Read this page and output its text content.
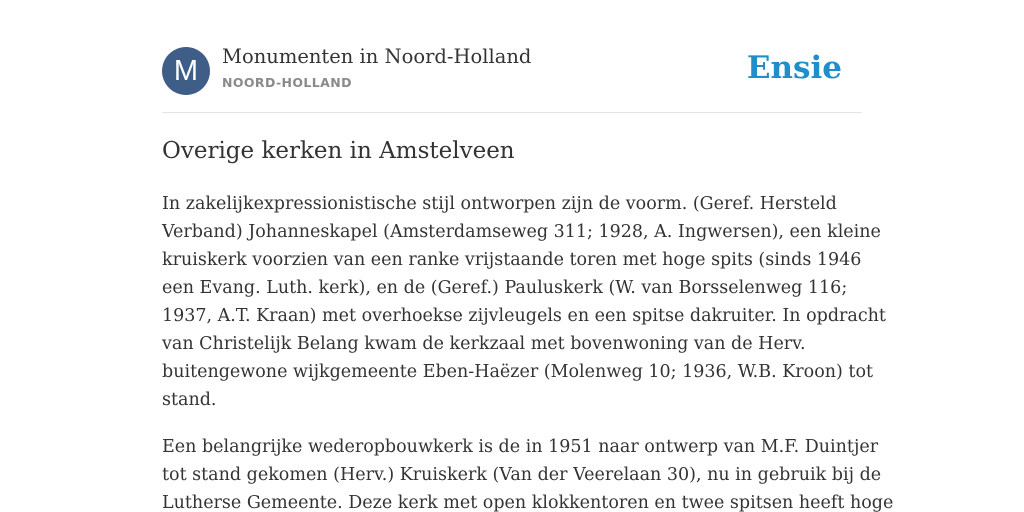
M	Monumenten in Noord-Holland
NOORD-HOLLAND	Ensie
Overige kerken in Amstelveen
In zakelijkexpressionistische stijl ontworpen zijn de voorm. (Geref. Hersteld
Verband) Johanneskapel (Amsterdamseweg 311; 1928, A. Ingwersen), een kleine
kruiskerk voorzien van een ranke vrijstaande toren met hoge spits (sinds 1946
een Evang. Luth. kerk), en de (Geref.) Pauluskerk (W. van Borsselenweg 116;
1937, A.T. Kraan) met overhoekse zijvleugels en een spitse dakruiter. In opdracht
van Christelijk Belang kwam de kerkzaal met bovenwoning van de Herv.
buitengewone wijkgemeente Eben-Haëzer (Molenweg 10; 1936, W.B. Kroon) tot
stand.
Een belangrijke wederopbouwkerk is de in 1951 naar ontwerp van M.F. Duintjer
tot stand gekomen (Herv.) Kruiskerk (Van der Veerelaan 30), nu in gebruik bij de
Lutherse Gemeente. Deze kerk met open klokkentoren en twee spitsen heeft hoge
